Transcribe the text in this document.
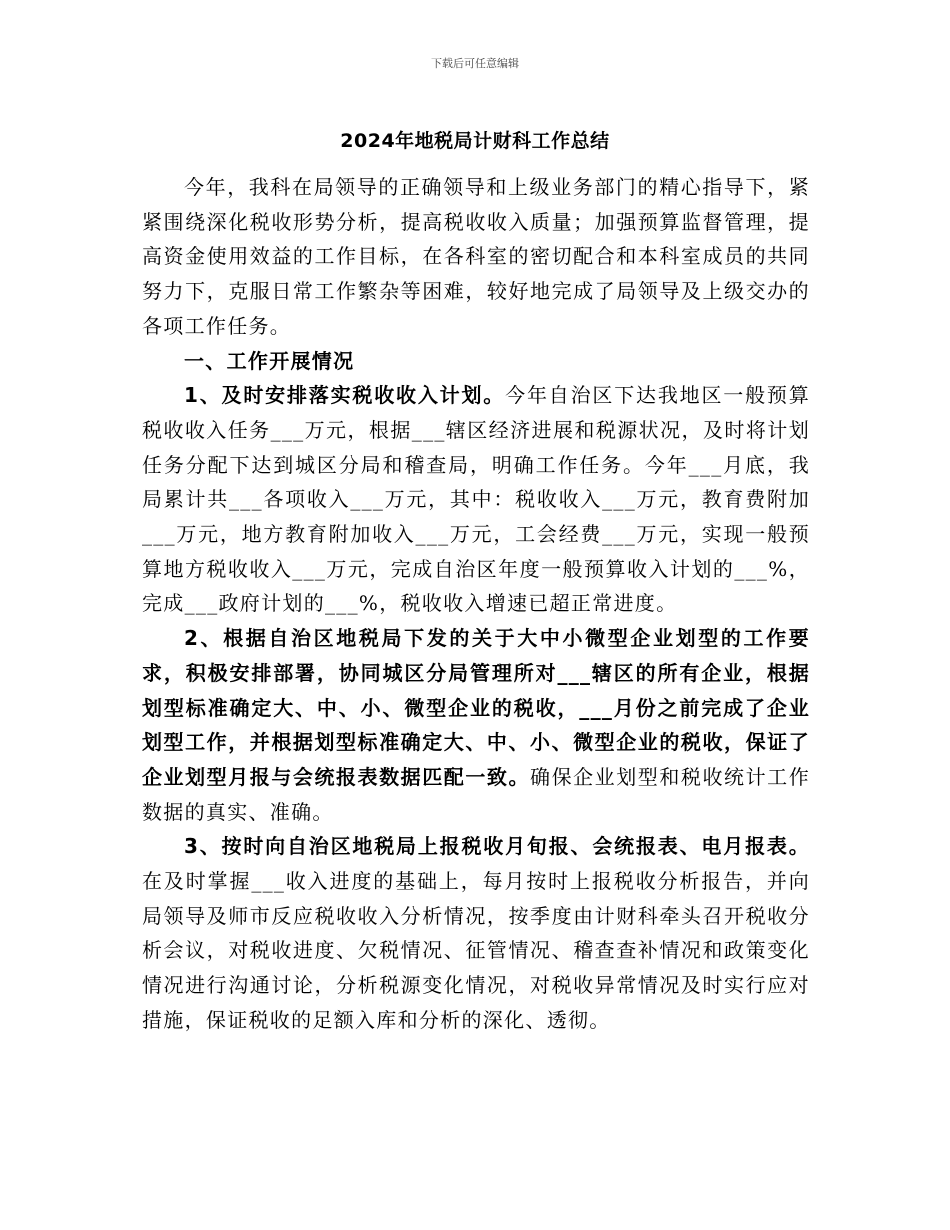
下载后可任意编辑
2024年地税局计财科工作总结

今年，我科在局领导的正确领导和上级业务部门的精心指导下，紧紧围绕深化税收形势分析，提高税收收入质量；加强预算监督管理，提高资金使用效益的工作目标，在各科室的密切配合和本科室成员的共同努力下，克服日常工作繁杂等困难，较好地完成了局领导及上级交办的各项工作任务。

一、工作开展情况

1、及时安排落实税收收入计划。今年自治区下达我地区一般预算税收收入任务___万元，根据___辖区经济进展和税源状况，及时将计划任务分配下达到城区分局和稽查局，明确工作任务。今年___月底，我局累计共___各项收入___万元，其中：税收收入___万元，教育费附加___万元，地方教育附加收入___万元，工会经费___万元，实现一般预算地方税收收入___万元，完成自治区年度一般预算收入计划的___%，完成___政府计划的___%，税收收入增速已超正常进度。

2、根据自治区地税局下发的关于大中小微型企业划型的工作要求，积极安排部署，协同城区分局管理所对___辖区的所有企业，根据划型标准确定大、中、小、微型企业的税收，___月份之前完成了企业划型工作，并根据划型标准确定大、中、小、微型企业的税收，保证了企业划型月报与会统报表数据匹配一致。确保企业划型和税收统计工作数据的真实、准确。

3、按时向自治区地税局上报税收月旬报、会统报表、电月报表。在及时掌握___收入进度的基础上，每月按时上报税收分析报告，并向局领导及师市反应税收收入分析情况，按季度由计财科牵头召开税收分析会议，对税收进度、欠税情况、征管情况、稽查查补情况和政策变化情况进行沟通讨论，分析税源变化情况，对税收异常情况及时实行应对措施，保证税收的足额入库和分析的深化、透彻。
